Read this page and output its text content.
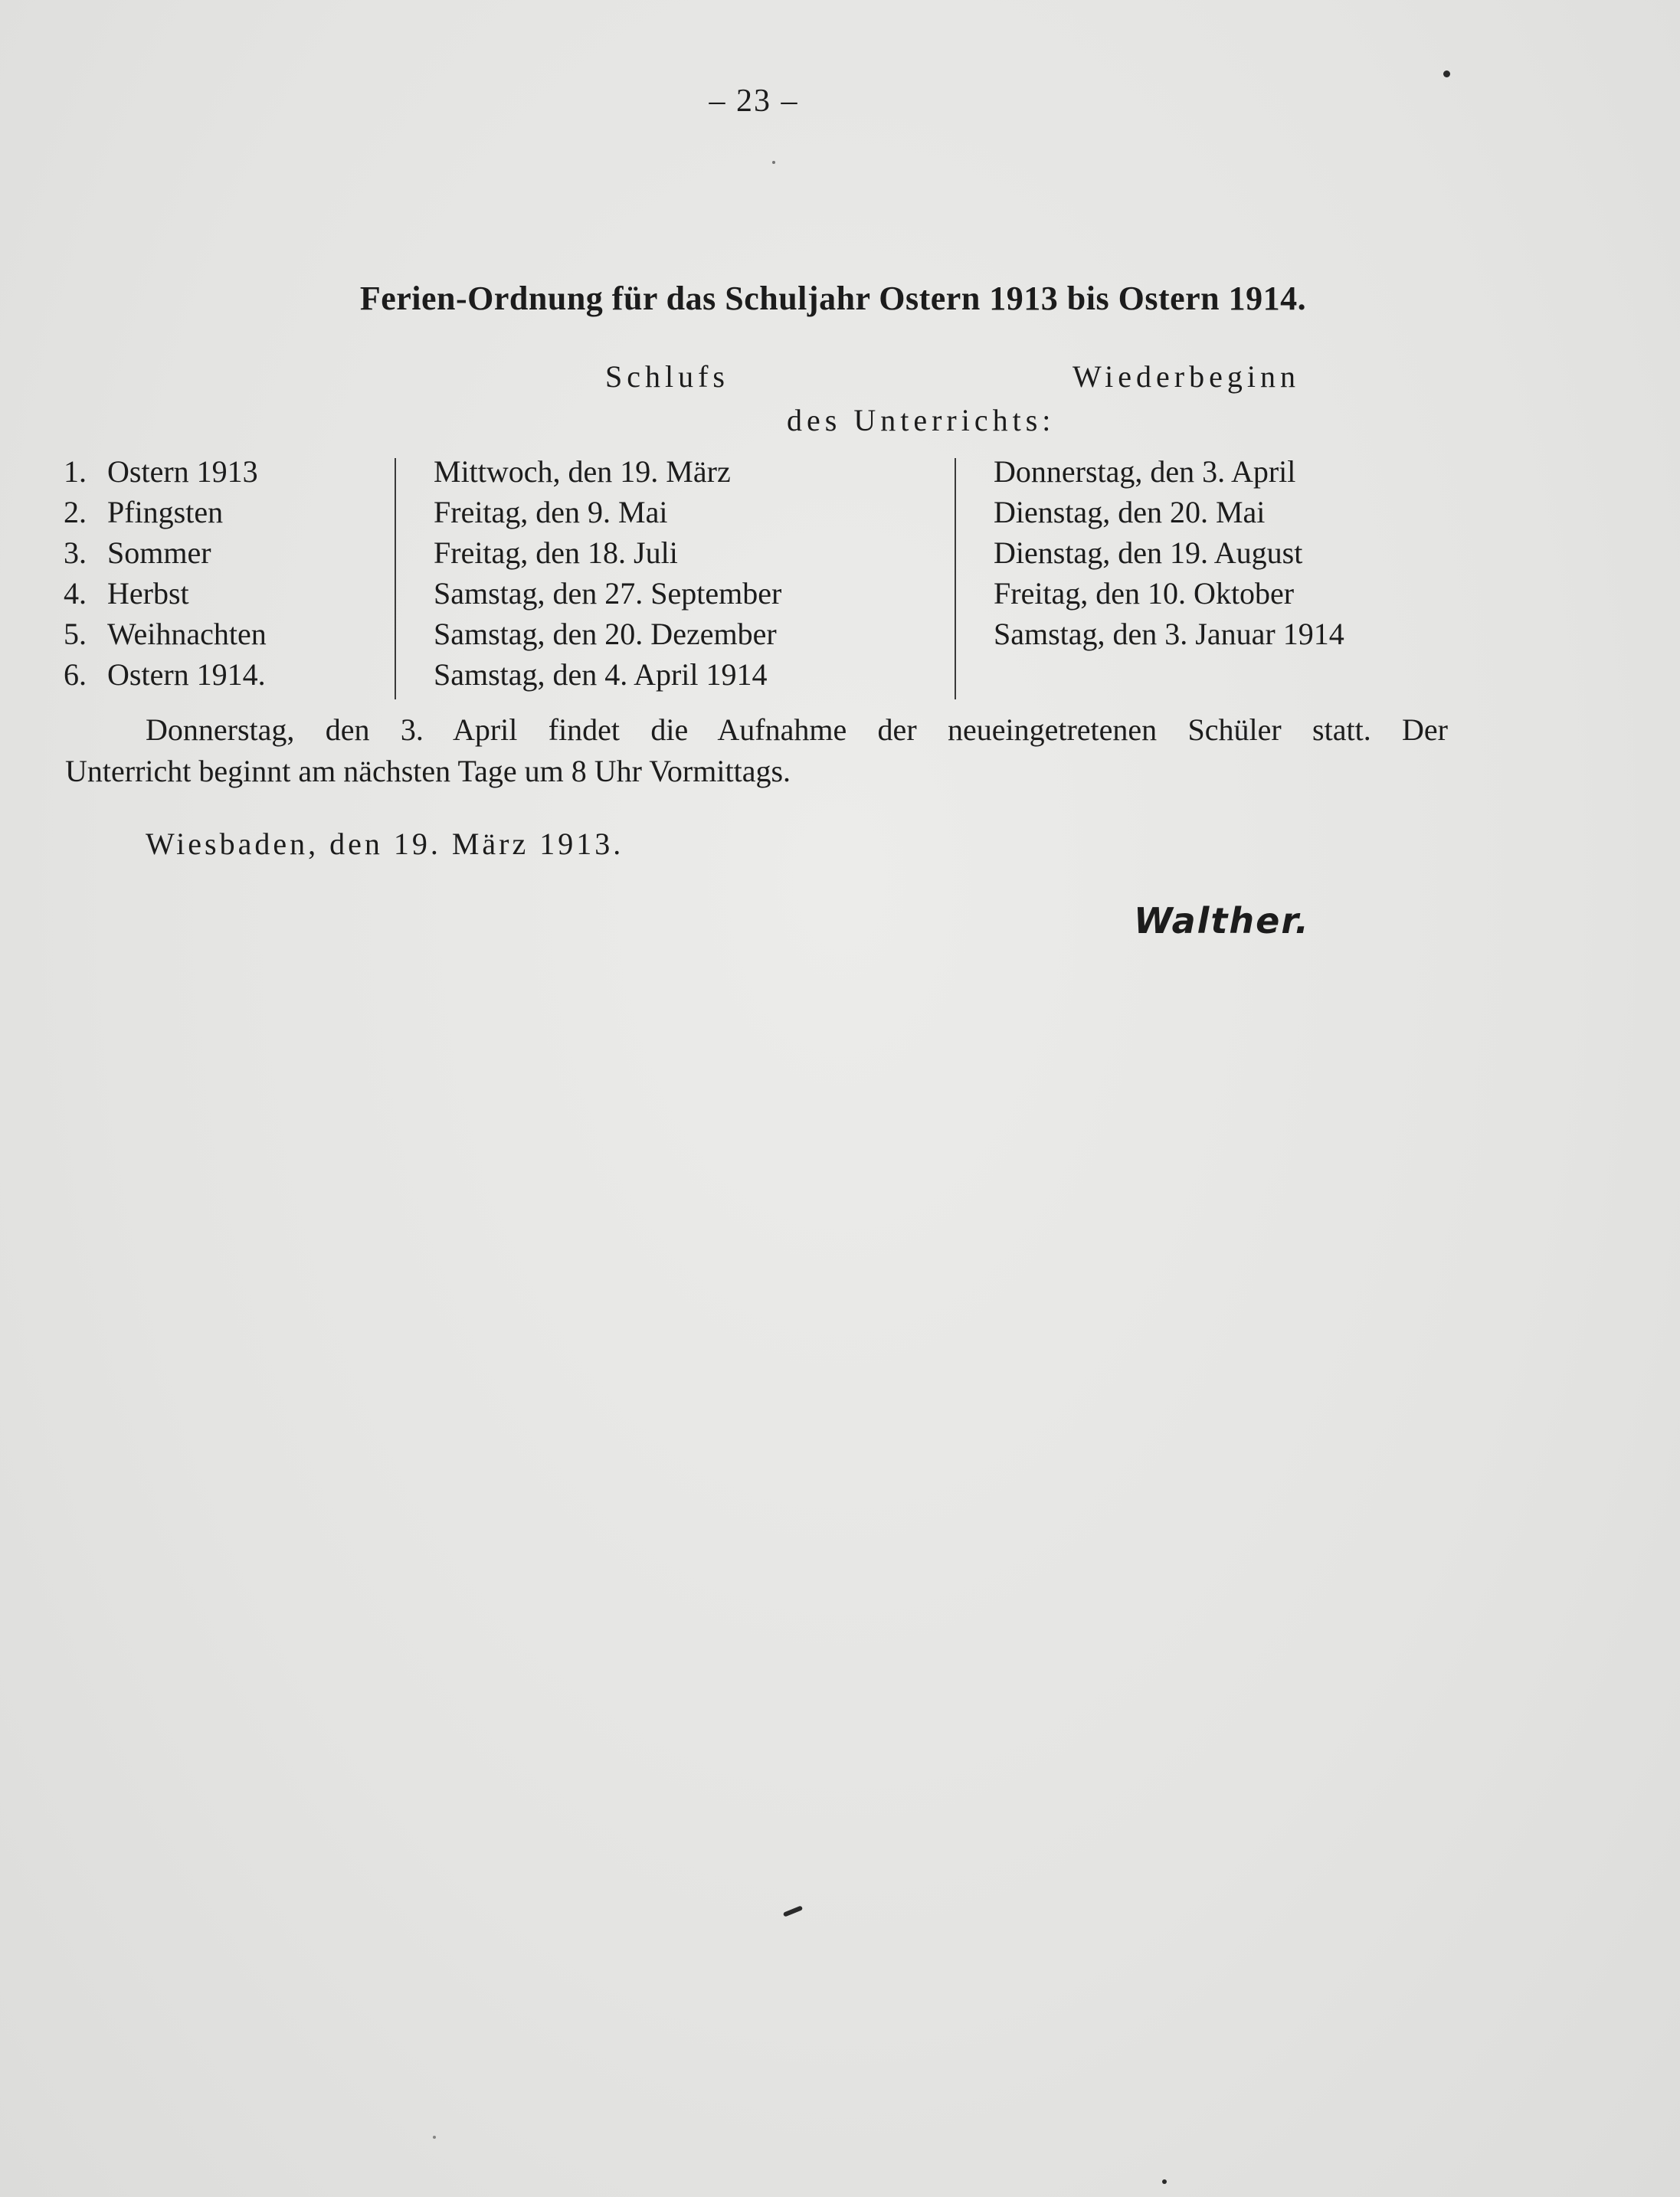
– 23 –
Ferien-Ordnung für das Schuljahr Ostern 1913 bis Ostern 1914.
Schlufs	Wiederbeginn
des Unterrichts:
1. Ostern 1913	Mittwoch, den 19. März	Donnerstag, den 3. April
2. Pfingsten	Freitag, den 9. Mai	Dienstag, den 20. Mai
3. Sommer	Freitag, den 18. Juli	Dienstag, den 19. August
4. Herbst	Samstag, den 27. September	Freitag, den 10. Oktober
5. Weihnachten	Samstag, den 20. Dezember	Samstag, den 3. Januar 1914
6. Ostern 1914.	Samstag, den 4. April 1914
Donnerstag, den 3. April findet die Aufnahme der neueingetretenen Schüler statt. Der
Unterricht beginnt am nächsten Tage um 8 Uhr Vormittags.
Wiesbaden, den 19. März 1913.
Walther.
